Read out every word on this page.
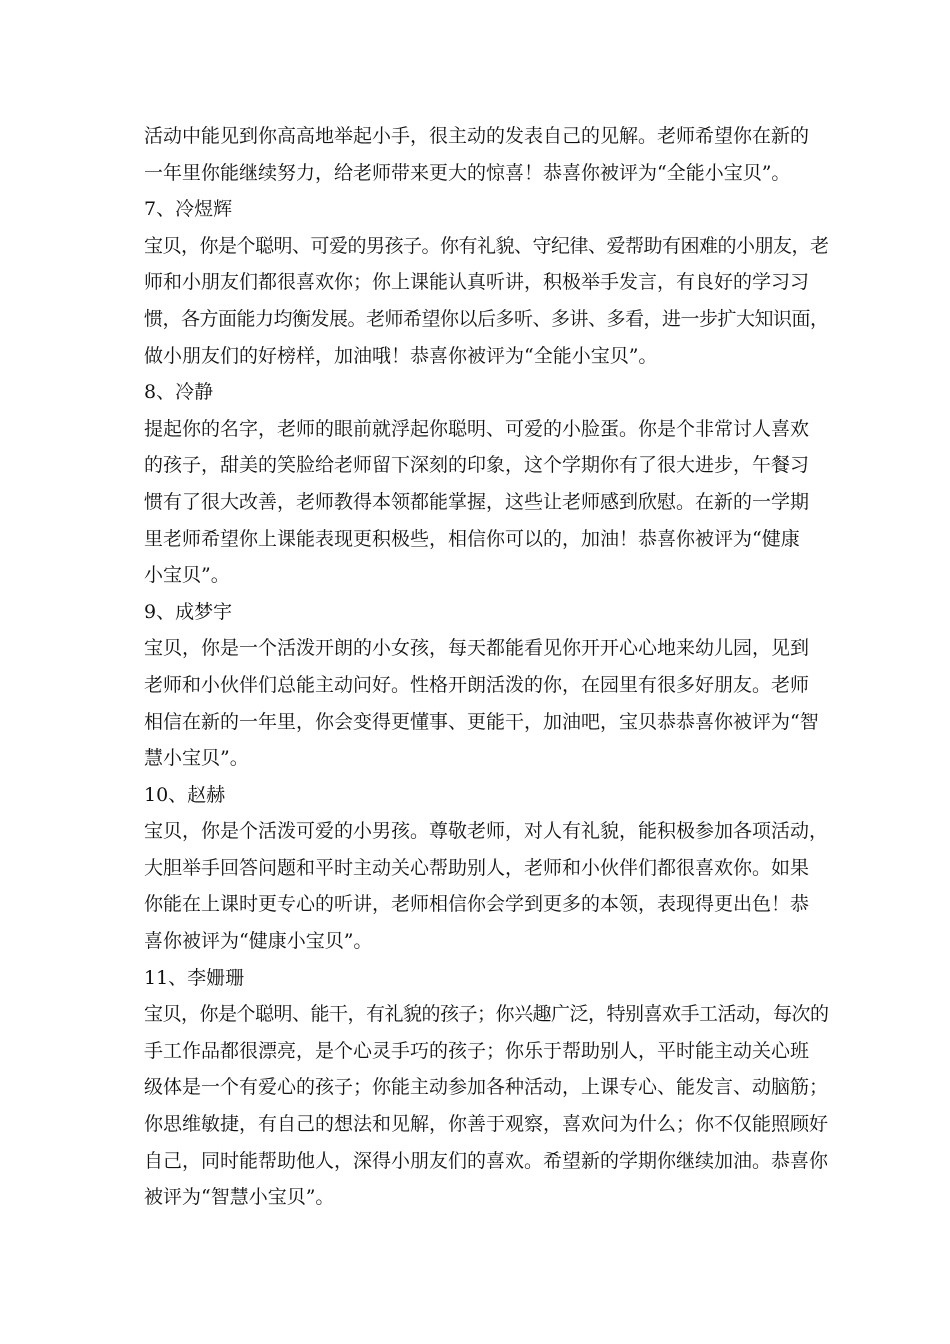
活动中能见到你高高地举起小手，很主动的发表自己的见解。老师希望你在新的
一年里你能继续努力，给老师带来更大的惊喜！恭喜你被评为“全能小宝贝”。
7、冷煜辉
宝贝，你是个聪明、可爱的男孩子。你有礼貌、守纪律、爱帮助有困难的小朋友，老
师和小朋友们都很喜欢你；你上课能认真听讲，积极举手发言，有良好的学习习
惯，各方面能力均衡发展。老师希望你以后多听、多讲、多看，进一步扩大知识面，
做小朋友们的好榜样，加油哦！恭喜你被评为“全能小宝贝”。
8、冷静
提起你的名字，老师的眼前就浮起你聪明、可爱的小脸蛋。你是个非常讨人喜欢
的孩子，甜美的笑脸给老师留下深刻的印象，这个学期你有了很大进步，午餐习
惯有了很大改善，老师教得本领都能掌握，这些让老师感到欣慰。在新的一学期
里老师希望你上课能表现更积极些，相信你可以的，加油！恭喜你被评为“健康
小宝贝”。
9、成梦宇
宝贝，你是一个活泼开朗的小女孩，每天都能看见你开开心心地来幼儿园，见到
老师和小伙伴们总能主动问好。性格开朗活泼的你，在园里有很多好朋友。老师
相信在新的一年里，你会变得更懂事、更能干，加油吧，宝贝恭恭喜你被评为“智
慧小宝贝”。
10、赵赫
宝贝，你是个活泼可爱的小男孩。尊敬老师，对人有礼貌，能积极参加各项活动，
大胆举手回答问题和平时主动关心帮助别人，老师和小伙伴们都很喜欢你。如果
你能在上课时更专心的听讲，老师相信你会学到更多的本领，表现得更出色！恭
喜你被评为“健康小宝贝”。
11、李姗珊
宝贝，你是个聪明、能干，有礼貌的孩子；你兴趣广泛，特别喜欢手工活动，每次的
手工作品都很漂亮，是个心灵手巧的孩子；你乐于帮助别人，平时能主动关心班
级体是一个有爱心的孩子；你能主动参加各种活动，上课专心、能发言、动脑筋；
你思维敏捷，有自己的想法和见解，你善于观察，喜欢问为什么；你不仅能照顾好
自己，同时能帮助他人，深得小朋友们的喜欢。希望新的学期你继续加油。恭喜你
被评为“智慧小宝贝”。
